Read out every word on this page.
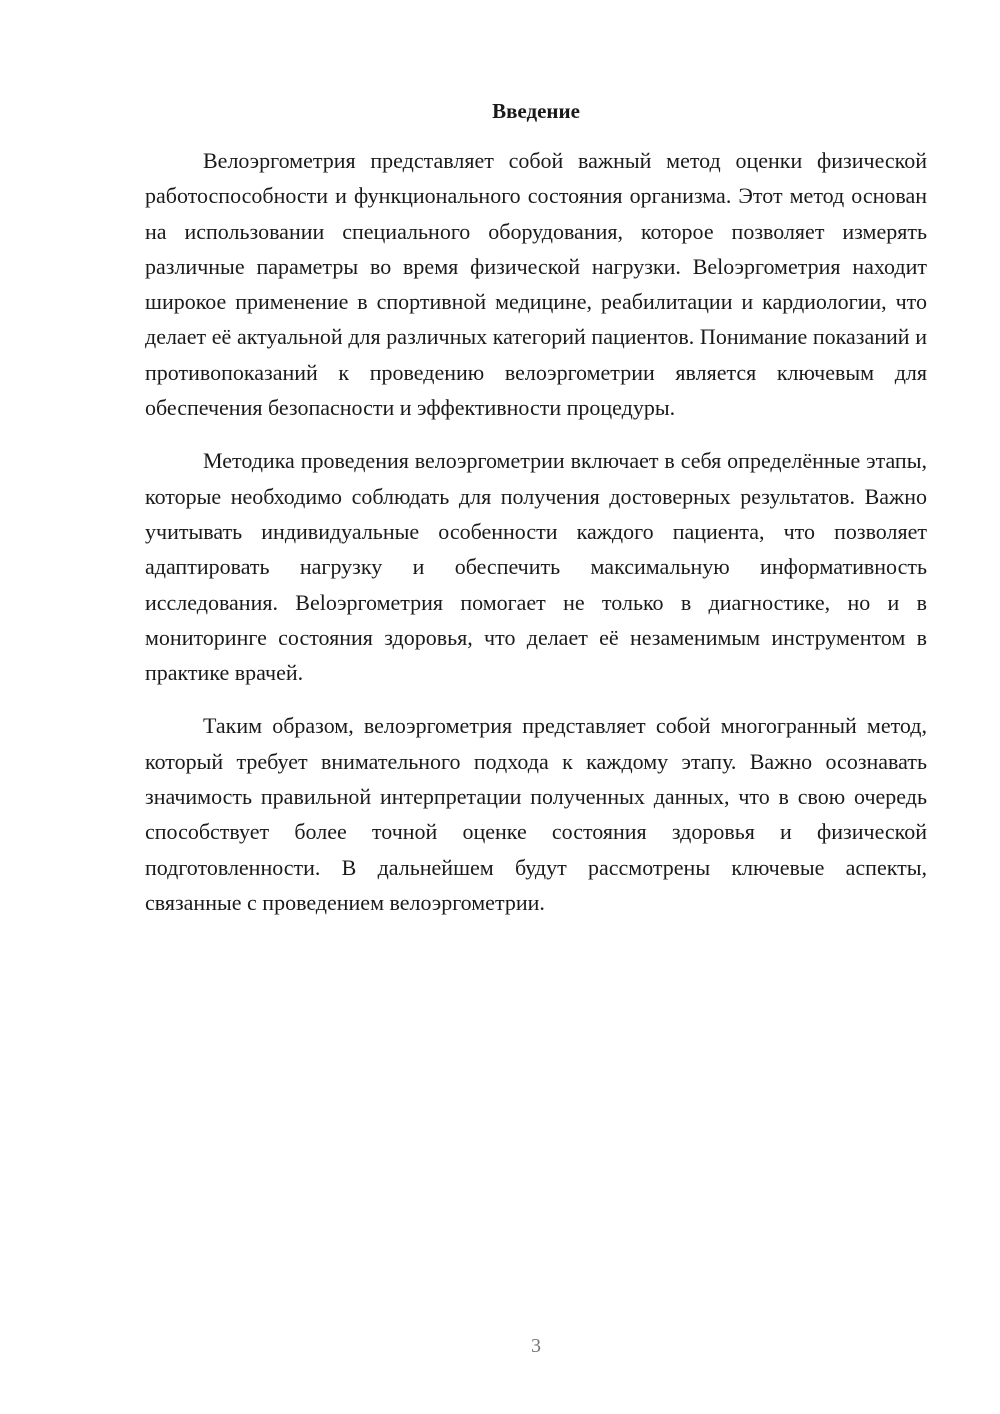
Введение

Велоэргометрия представляет собой важный метод оценки физической работоспособности и функционального состояния организма. Этот метод основан на использовании специального оборудования, которое позволяет измерять различные параметры во время физической нагрузки. Belоэргометрия находит широкое применение в спортивной медицине, реабилитации и кардиологии, что делает её актуальной для различных категорий пациентов. Понимание показаний и противопоказаний к проведению велоэргометрии является ключевым для обеспечения безопасности и эффективности процедуры.

Методика проведения велоэргометрии включает в себя определённые этапы, которые необходимо соблюдать для получения достоверных результатов. Важно учитывать индивидуальные особенности каждого пациента, что позволяет адаптировать нагрузку и обеспечить максимальную информативность исследования. Belоэргометрия помогает не только в диагностике, но и в мониторинге состояния здоровья, что делает её незаменимым инструментом в практике врачей.

Таким образом, велоэргометрия представляет собой многогранный метод, который требует внимательного подхода к каждому этапу. Важно осознавать значимость правильной интерпретации полученных данных, что в свою очередь способствует более точной оценке состояния здоровья и физической подготовленности. В дальнейшем будут рассмотрены ключевые аспекты, связанные с проведением велоэргометрии.

3
